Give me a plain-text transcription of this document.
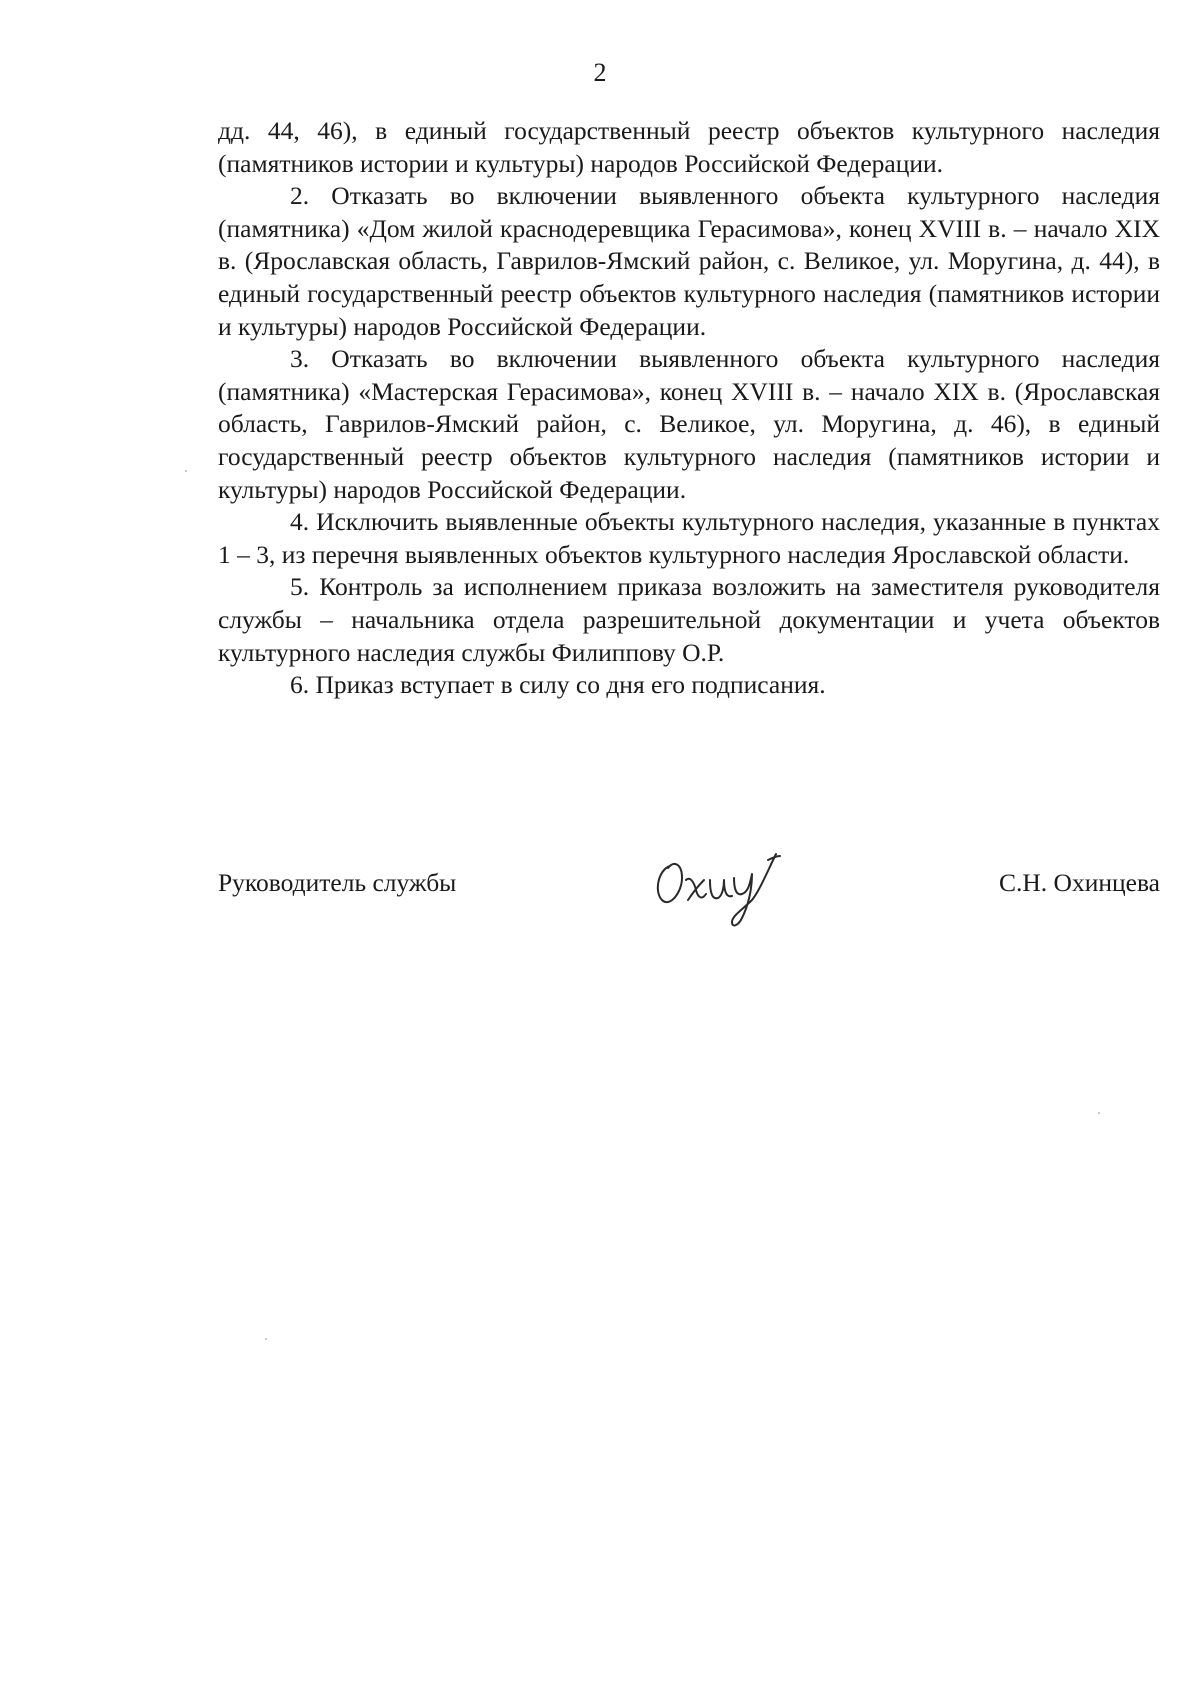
2

дд. 44, 46), в единый государственный реестр объектов культурного наследия (памятников истории и культуры) народов Российской Федерации.

2. Отказать во включении выявленного объекта культурного наследия (памятника) «Дом жилой краснодеревщика Герасимова», конец XVIII в. – начало XIX в. (Ярославская область, Гаврилов-Ямский район, с. Великое, ул. Моругина, д. 44), в единый государственный реестр объектов культурного наследия (памятников истории и культуры) народов Российской Федерации.

3. Отказать во включении выявленного объекта культурного наследия (памятника) «Мастерская Герасимова», конец XVIII в. – начало XIX в. (Ярославская область, Гаврилов-Ямский район, с. Великое, ул. Моругина, д. 46), в единый государственный реестр объектов культурного наследия (памятников истории и культуры) народов Российской Федерации.

4. Исключить выявленные объекты культурного наследия, указанные в пунктах 1 – 3, из перечня выявленных объектов культурного наследия Ярославской области.

5. Контроль за исполнением приказа возложить на заместителя руководителя службы – начальника отдела разрешительной документации и учета объектов культурного наследия службы Филиппову О.Р.

6. Приказ вступает в силу со дня его подписания.

Руководитель службы	С.Н. Охинцева
